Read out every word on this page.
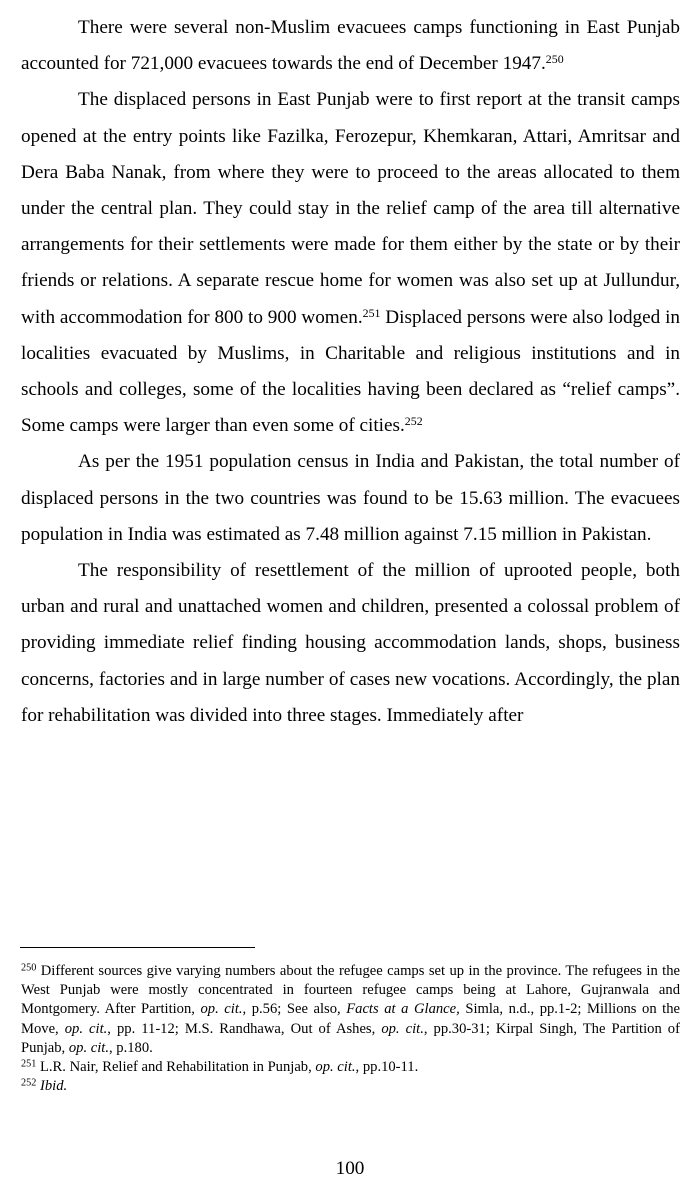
There were several non-Muslim evacuees camps functioning in East Punjab accounted for 721,000 evacuees towards the end of December 1947.$^{250}$

The displaced persons in East Punjab were to first report at the transit camps opened at the entry points like Fazilka, Ferozepur, Khemkaran, Attari, Amritsar and Dera Baba Nanak, from where they were to proceed to the areas allocated to them under the central plan. They could stay in the relief camp of the area till alternative arrangements for their settlements were made for them either by the state or by their friends or relations. A separate rescue home for women was also set up at Jullundur, with accommodation for 800 to 900 women.$^{251}$ Displaced persons were also lodged in localities evacuated by Muslims, in Charitable and religious institutions and in schools and colleges, some of the localities having been declared as “relief camps”. Some camps were larger than even some of cities.$^{252}$

As per the 1951 population census in India and Pakistan, the total number of displaced persons in the two countries was found to be 15.63 million. The evacuees population in India was estimated as 7.48 million against 7.15 million in Pakistan.

The responsibility of resettlement of the million of uprooted people, both urban and rural and unattached women and children, presented a colossal problem of providing immediate relief finding housing accommodation lands, shops, business concerns, factories and in large number of cases new vocations. Accordingly, the plan for rehabilitation was divided into three stages. Immediately after

$^{250}$ Different sources give varying numbers about the refugee camps set up in the province. The refugees in the West Punjab were mostly concentrated in fourteen refugee camps being at Lahore, Gujranwala and Montgomery. After Partition, op. cit., p.56; See also, Facts at a Glance, Simla, n.d., pp.1-2; Millions on the Move, op. cit., pp. 11-12; M.S. Randhawa, Out of Ashes, op. cit., pp.30-31; Kirpal Singh, The Partition of Punjab, op. cit., p.180.

$^{251}$ L.R. Nair, Relief and Rehabilitation in Punjab, op. cit., pp.10-11.

$^{252}$ Ibid.

100
